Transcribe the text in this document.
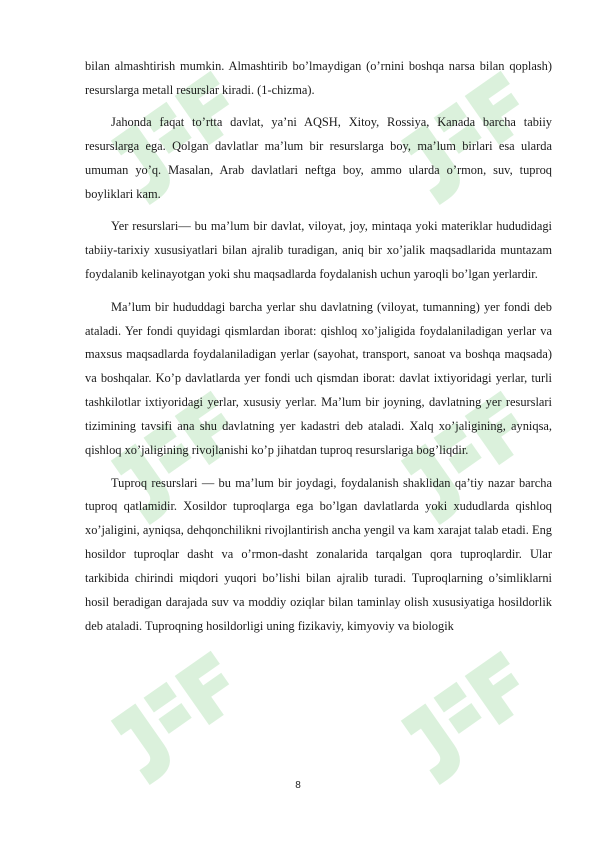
bilan almashtirish mumkin. Almashtirib bo’lmaydigan (o’rnini boshqa narsa bilan qoplash) resurslarga metall resurslar kiradi. (1-chizma).

Jahonda faqat to’rtta davlat, ya’ni AQSH, Xitoy, Rossiya, Kanada barcha tabiiy resurslarga ega. Qolgan davlatlar ma’lum bir resurslarga boy, ma’lum birlari esa ularda umuman yo’q. Masalan, Arab davlatlari neftga boy, ammo ularda o’rmon, suv, tuproq boyliklari kam.

Yer resurslari— bu ma’lum bir davlat, viloyat, joy, mintaqa yoki materiklar hududidagi tabiiy-tarixiy xususiyatlari bilan ajralib turadigan, aniq bir xo’jalik maqsadlarida muntazam foydalanib kelinayotgan yoki shu maqsadlarda foydalanish uchun yaroqli bo’lgan yerlardir.

Ma’lum bir hududdagi barcha yerlar shu davlatning (viloyat, tumanning) yer fondi deb ataladi. Yer fondi quyidagi qismlardan iborat: qishloq xo’jaligida foydalaniladigan yerlar va maxsus maqsadlarda foydalaniladigan yerlar (sayohat, transport, sanoat va boshqa maqsada) va boshqalar. Ko’p davlatlarda yer fondi uch qismdan iborat: davlat ixtiyoridagi yerlar, turli tashkilotlar ixtiyoridagi yerlar, xususiy yerlar. Ma’lum bir joyning, davlatning yer resurslari tizimining tavsifi ana shu davlatning yer kadastri deb ataladi. Xalq xo’jaligining, ayniqsa, qishloq xo’jaligining rivojlanishi ko’p jihatdan tuproq resurslariga bog’liqdir.

Tuproq resurslari — bu ma’lum bir joydagi, foydalanish shaklidan qa’tiy nazar barcha tuproq qatlamidir. Xosildor tuproqlarga ega bo’lgan davlatlarda yoki xududlarda qishloq xo’jaligini, ayniqsa, dehqonchilikni rivojlantirish ancha yengil va kam xarajat talab etadi. Eng hosildor tuproqlar dasht va o’rmon-dasht zonalarida tarqalgan qora tuproqlardir. Ular tarkibida chirindi miqdori yuqori bo’lishi bilan ajralib turadi. Tuproqlarning o’simliklarni hosil beradigan darajada suv va moddiy oziqlar bilan taminlay olish xususiyatiga hosildorlik deb ataladi. Tuproqning hosildorligi uning fizikaviy, kimyoviy va biologik

8
